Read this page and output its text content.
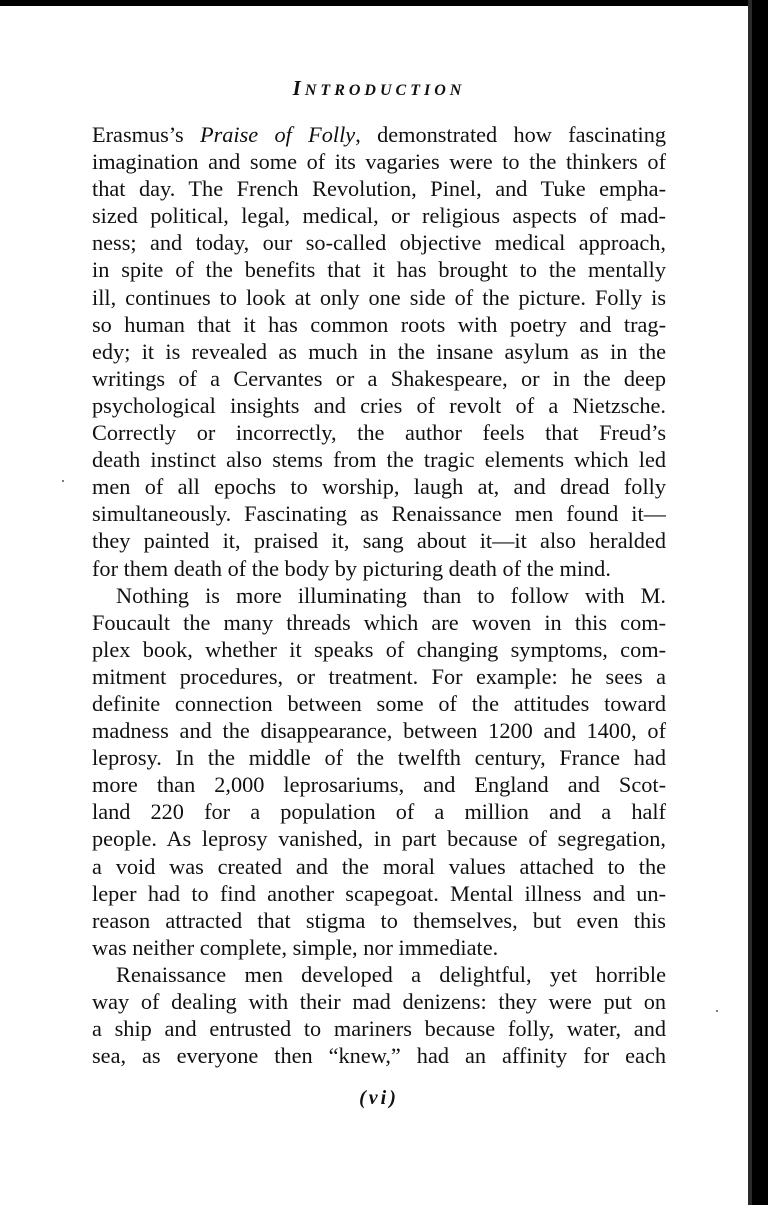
INTRODUCTION
Erasmus’s Praise of Folly, demonstrated how fascinating
imagination and some of its vagaries were to the thinkers of
that day. The French Revolution, Pinel, and Tuke empha-
sized political, legal, medical, or religious aspects of mad-
ness; and today, our so-called objective medical approach,
in spite of the benefits that it has brought to the mentally
ill, continues to look at only one side of the picture. Folly is
so human that it has common roots with poetry and trag-
edy; it is revealed as much in the insane asylum as in the
writings of a Cervantes or a Shakespeare, or in the deep
psychological insights and cries of revolt of a Nietzsche.
Correctly or incorrectly, the author feels that Freud’s
death instinct also stems from the tragic elements which led
men of all epochs to worship, laugh at, and dread folly
simultaneously. Fascinating as Renaissance men found it—
they painted it, praised it, sang about it—it also heralded
for them death of the body by picturing death of the mind.
Nothing is more illuminating than to follow with M.
Foucault the many threads which are woven in this com-
plex book, whether it speaks of changing symptoms, com-
mitment procedures, or treatment. For example: he sees a
definite connection between some of the attitudes toward
madness and the disappearance, between 1200 and 1400, of
leprosy. In the middle of the twelfth century, France had
more than 2,000 leprosariums, and England and Scot-
land 220 for a population of a million and a half
people. As leprosy vanished, in part because of segregation,
a void was created and the moral values attached to the
leper had to find another scapegoat. Mental illness and un-
reason attracted that stigma to themselves, but even this
was neither complete, simple, nor immediate.
Renaissance men developed a delightful, yet horrible
way of dealing with their mad denizens: they were put on
a ship and entrusted to mariners because folly, water, and
sea, as everyone then “knew,” had an affinity for each
(vi)
